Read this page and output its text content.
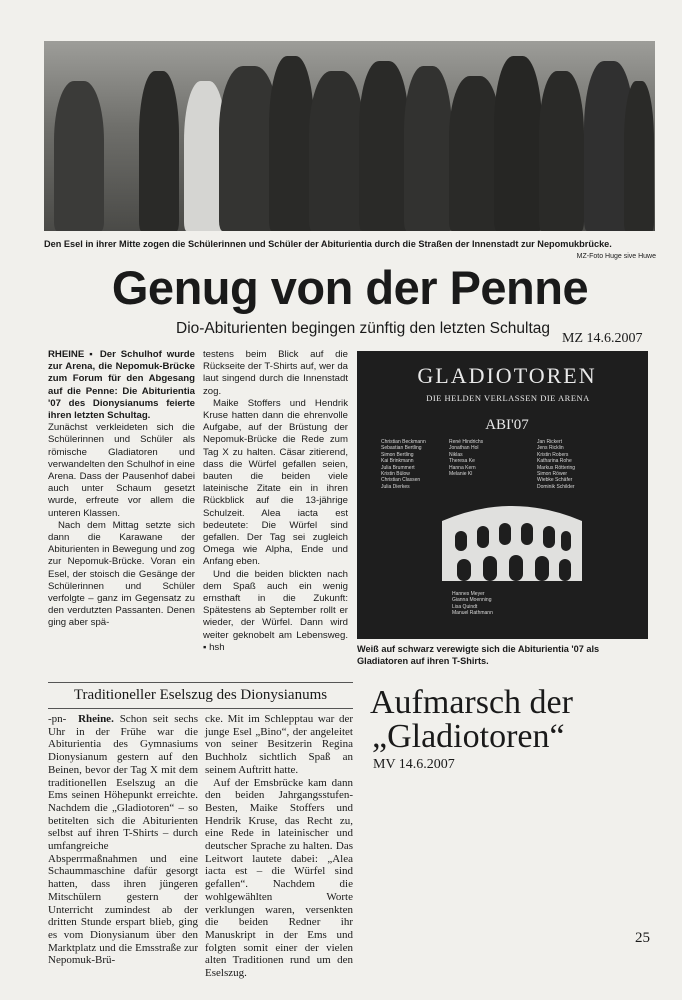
Den Esel in ihrer Mitte zogen die Schülerinnen und Schüler der Abiturientia durch die Straßen der Innenstadt zur Nepomukbrücke.
MZ-Foto Huge sive Huwe
Genug von der Penne
Dio-Abiturienten begingen zünftig den letzten Schultag
MZ 14.6.2007

RHEINE ▪ Der Schulhof wurde zur Arena, die Nepomuk-Brücke zum Forum für den Abgesang auf die Penne: Die Abiturientia '07 des Dionysianums feierte ihren letzten Schultag.

Zunächst verkleideten sich die Schülerinnen und Schüler als römische Gladiatoren und verwandelten den Schulhof in eine Arena. Dass der Pausenhof dabei auch unter Schaum gesetzt wurde, erfreute vor allem die unteren Klassen.

Nach dem Mittag setzte sich dann die Karawane der Abiturienten in Bewegung und zog zur Nepomuk-Brücke. Voran ein Esel, der stoisch die Gesänge der Schülerinnen und Schüler verfolgte – ganz im Gegensatz zu den verdutzten Passanten. Denen ging aber spä-

testens beim Blick auf die Rückseite der T-Shirts auf, wer da laut singend durch die Innenstadt zog.

Maike Stoffers und Hendrik Kruse hatten dann die ehrenvolle Aufgabe, auf der Brüstung der Nepomuk-Brücke die Rede zum Tag X zu halten. Cäsar zitierend, dass die Würfel gefallen seien, bauten die beiden viele lateinische Zitate ein in ihren Rückblick auf die 13-jährige Schulzeit. Alea iacta est bedeutete: Die Würfel sind gefallen. Der Tag sei zugleich Omega wie Alpha, Ende und Anfang eben.

Und die beiden blickten nach dem Spaß auch ein wenig ernsthaft in die Zukunft: Spätestens ab September rollt er wieder, der Würfel. Dann wird weiter geknobelt am Lebensweg. ▪ hsh

GLADIOTOREN
DIE HELDEN VERLASSEN DIE ARENA
ABI'07
Christian Beckmann
Sebastian Bertling
Simon Bertling
Kai Brinkmann
Julia Brummert
Kristin Bülow
Christian Classen
Julia Dierkes
René Hindrichs
Jonathan Hol
Niklas
Theresa Ke
Hanna Kern
Melanie Kl
Jan Rickert
Jens Ricklin
Kristin Robers
Katharina Rohe
Markus Röttering
Simon Röwer
Wiebke Schäfer
Dominik Schilder
Hannes Meyer
Gianna Moenning
Lisa Quindt
Manuel Rathmann
Weiß auf schwarz verewigte sich die Abiturientia '07 als Gladiatoren auf ihren T-Shirts.
Traditioneller Eselszug des Dionysianums	Aufmarsch der
„Gladiotoren“
MV 14.6.2007

-pn- Rheine. Schon seit sechs Uhr in der Frühe war die Abiturientia des Gymnasiums Dionysianum gestern auf den Beinen, bevor der Tag X mit dem traditionellen Eselszug an die Ems seinen Höhepunkt erreichte. Nachdem die „Gladiotoren“ – so betitelten sich die Abiturienten selbst auf ihren T-Shirts – durch umfangreiche Absperrmaßnahmen und eine Schaummaschine dafür gesorgt hatten, dass ihren jüngeren Mitschülern gestern der Unterricht zumindest ab der dritten Stunde erspart blieb, ging es vom Dionysianum über den Marktplatz und die Emsstraße zur Nepomuk-Brü-

cke. Mit im Schlepptau war der junge Esel „Bino“, der angeleitet von seiner Besitzerin Regina Buchholz sichtlich Spaß an seinem Auftritt hatte.

Auf der Emsbrücke kam dann den beiden Jahrgangsstufen-Besten, Maike Stoffers und Hendrik Kruse, das Recht zu, eine Rede in lateinischer und deutscher Sprache zu halten. Das Leitwort lautete dabei: „Alea iacta est – die Würfel sind gefallen“. Nachdem die wohlgewählten Worte verklungen waren, versenkten die beiden Redner ihr Manuskript in der Ems und folgten somit einer der vielen alten Traditionen rund um den Eselszug.

25
